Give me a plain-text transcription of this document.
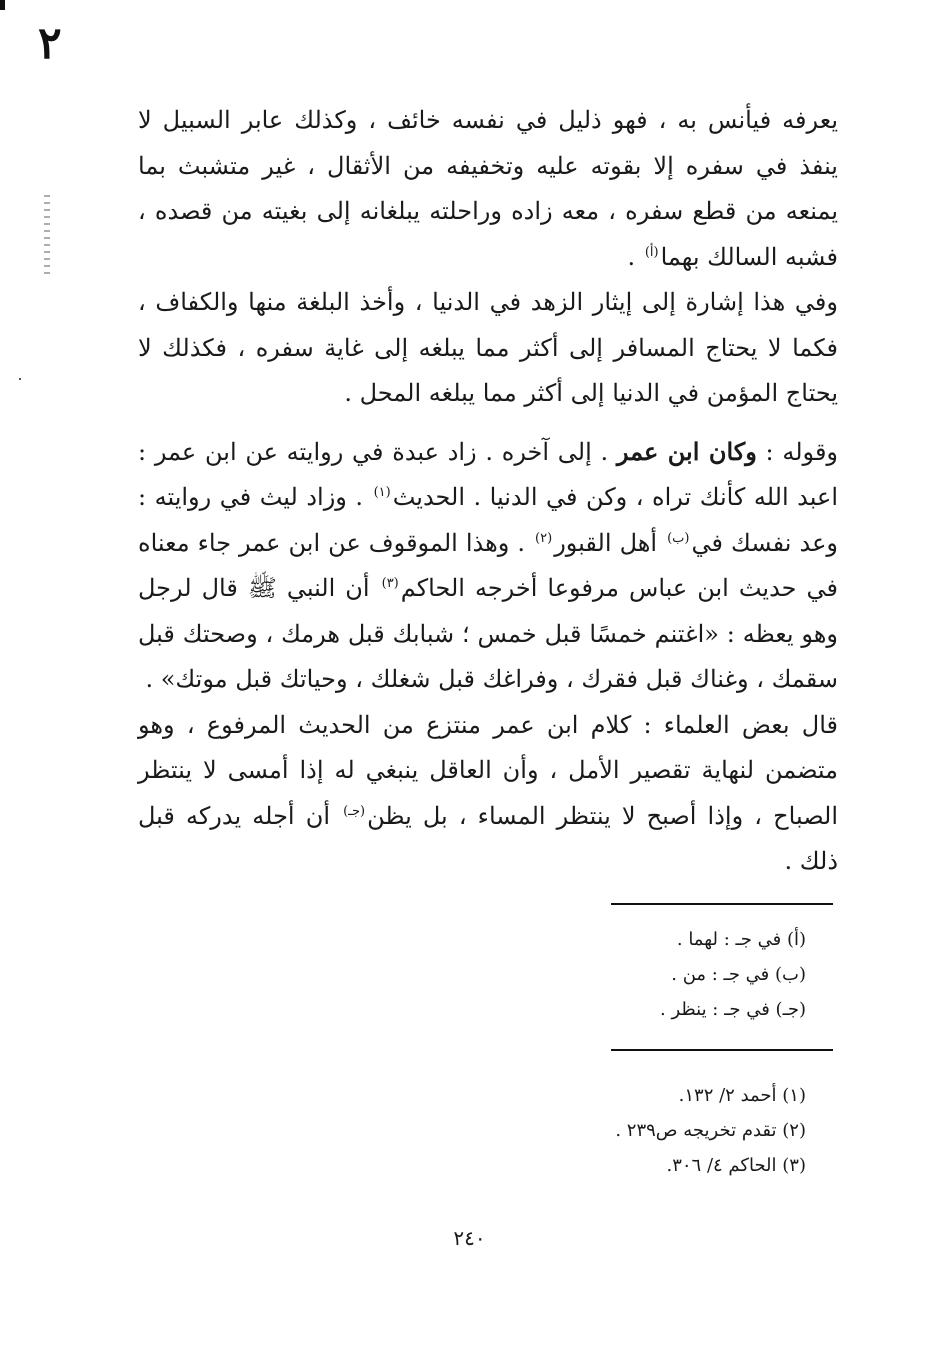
٢

يعرفه فيأنس به ، فهو ذليل في نفسه خائف ، وكذلك عابر السبيل لا ينفذ في سفره إلا بقوته عليه وتخفيفه من الأثقال ، غير متشبث بما يمنعه من قطع سفره ، معه زاده وراحلته يبلغانه إلى بغيته من قصده ، فشبه السالك بهما$^{(أ)}$ .

وفي هذا إشارة إلى إيثار الزهد في الدنيا ، وأخذ البلغة منها والكفاف ، فكما لا يحتاج المسافر إلى أكثر مما يبلغه إلى غاية سفره ، فكذلك لا يحتاج المؤمن في الدنيا إلى أكثر مما يبلغه المحل .

وقوله : وكان ابن عمر . إلى آخره . زاد عبدة في روايته عن ابن عمر : اعبد الله كأنك تراه ، وكن في الدنيا . الحديث$^{(١)}$ . وزاد ليث في روايته : وعد نفسك في$^{(ب)}$ أهل القبور$^{(٢)}$ . وهذا الموقوف عن ابن عمر جاء معناه في حديث ابن عباس مرفوعا أخرجه الحاكم$^{(٣)}$ أن النبي ﷺ قال لرجل وهو يعظه : «اغتنم خمسًا قبل خمس ؛ شبابك قبل هرمك ، وصحتك قبل سقمك ، وغناك قبل فقرك ، وفراغك قبل شغلك ، وحياتك قبل موتك» .

قال بعض العلماء : كلام ابن عمر منتزع من الحديث المرفوع ، وهو متضمن لنهاية تقصير الأمل ، وأن العاقل ينبغي له إذا أمسى لا ينتظر الصباح ، وإذا أصبح لا ينتظر المساء ، بل يظن$^{(جـ)}$ أن أجله يدركه قبل ذلك .

(أ) في جـ : لهما .
(ب) في جـ : من .
(جـ) في جـ : ينظر .
(١) أحمد ٢/ ١٣٢.
(٢) تقدم تخريجه ص٢٣٩ .
(٣) الحاكم ٤/ ٣٠٦.
٢٤٠
